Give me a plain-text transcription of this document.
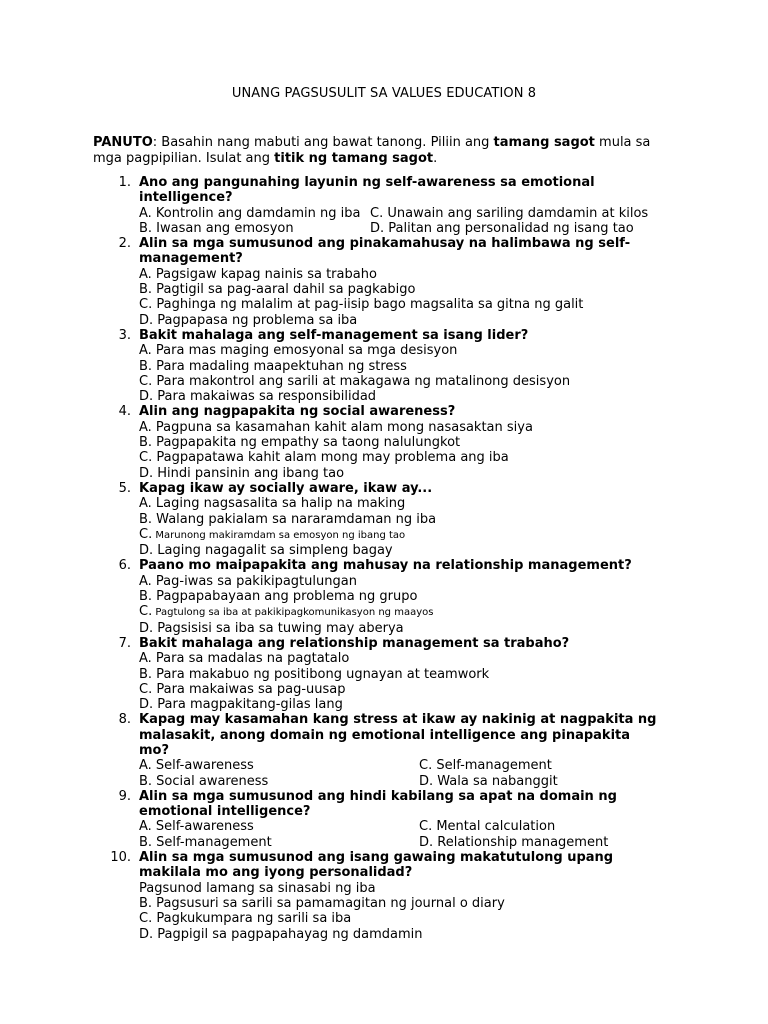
UNANG PAGSUSULIT SA VALUES EDUCATION 8
PANUTO: Basahin nang mabuti ang bawat tanong. Piliin ang tamang sagot mula sa mga pagpipilian. Isulat ang titik ng tamang sagot.
1. Ano ang pangunahing layunin ng self-awareness sa emotional intelligence?
A. Kontrolin ang damdamin ng iba C. Unawain ang sariling damdamin at kilos
B. Iwasan ang emosyon	D. Palitan ang personalidad ng isang tao
2. Alin sa mga sumusunod ang pinakamahusay na halimbawa ng self-management?
A. Pagsigaw kapag nainis sa trabaho
B. Pagtigil sa pag-aaral dahil sa pagkabigo
C. Paghinga ng malalim at pag-iisip bago magsalita sa gitna ng galit
D. Pagpapasa ng problema sa iba
3. Bakit mahalaga ang self-management sa isang lider?
A. Para mas maging emosyonal sa mga desisyon
B. Para madaling maapektuhan ng stress
C. Para makontrol ang sarili at makagawa ng matalinong desisyon
D. Para makaiwas sa responsibilidad
4. Alin ang nagpapakita ng social awareness?
A. Pagpuna sa kasamahan kahit alam mong nasasaktan siya
B. Pagpapakita ng empathy sa taong nalulungkot
C. Pagpapatawa kahit alam mong may problema ang iba
D. Hindi pansinin ang ibang tao
5. Kapag ikaw ay socially aware, ikaw ay...
A. Laging nagsasalita sa halip na making
B. Walang pakialam sa nararamdaman ng iba
C. Marunong makiramdam sa emosyon ng ibang tao
D. Laging nagagalit sa simpleng bagay
6. Paano mo maipapakita ang mahusay na relationship management?
A. Pag-iwas sa pakikipagtulungan
B. Pagpapabayaan ang problema ng grupo
C. Pagtulong sa iba at pakikipagkomunikasyon ng maayos
D. Pagsisisi sa iba sa tuwing may aberya
7. Bakit mahalaga ang relationship management sa trabaho?
A. Para sa madalas na pagtatalo
B. Para makabuo ng positibong ugnayan at teamwork
C. Para makaiwas sa pag-uusap
D. Para magpakitang-gilas lang
8. Kapag may kasamahan kang stress at ikaw ay nakinig at nagpakita ng malasakit, anong domain ng emotional intelligence ang pinapakita mo?
A. Self-awareness	C. Self-management
B. Social awareness	D. Wala sa nabanggit
9. Alin sa mga sumusunod ang hindi kabilang sa apat na domain ng emotional intelligence?
A. Self-awareness	C. Mental calculation
B. Self-management	D. Relationship management
10. Alin sa mga sumusunod ang isang gawaing makatutulong upang makilala mo ang iyong personalidad?
Pagsunod lamang sa sinasabi ng iba
B. Pagsusuri sa sarili sa pamamagitan ng journal o diary
C. Pagkukumpara ng sarili sa iba
D. Pagpigil sa pagpapahayag ng damdamin
